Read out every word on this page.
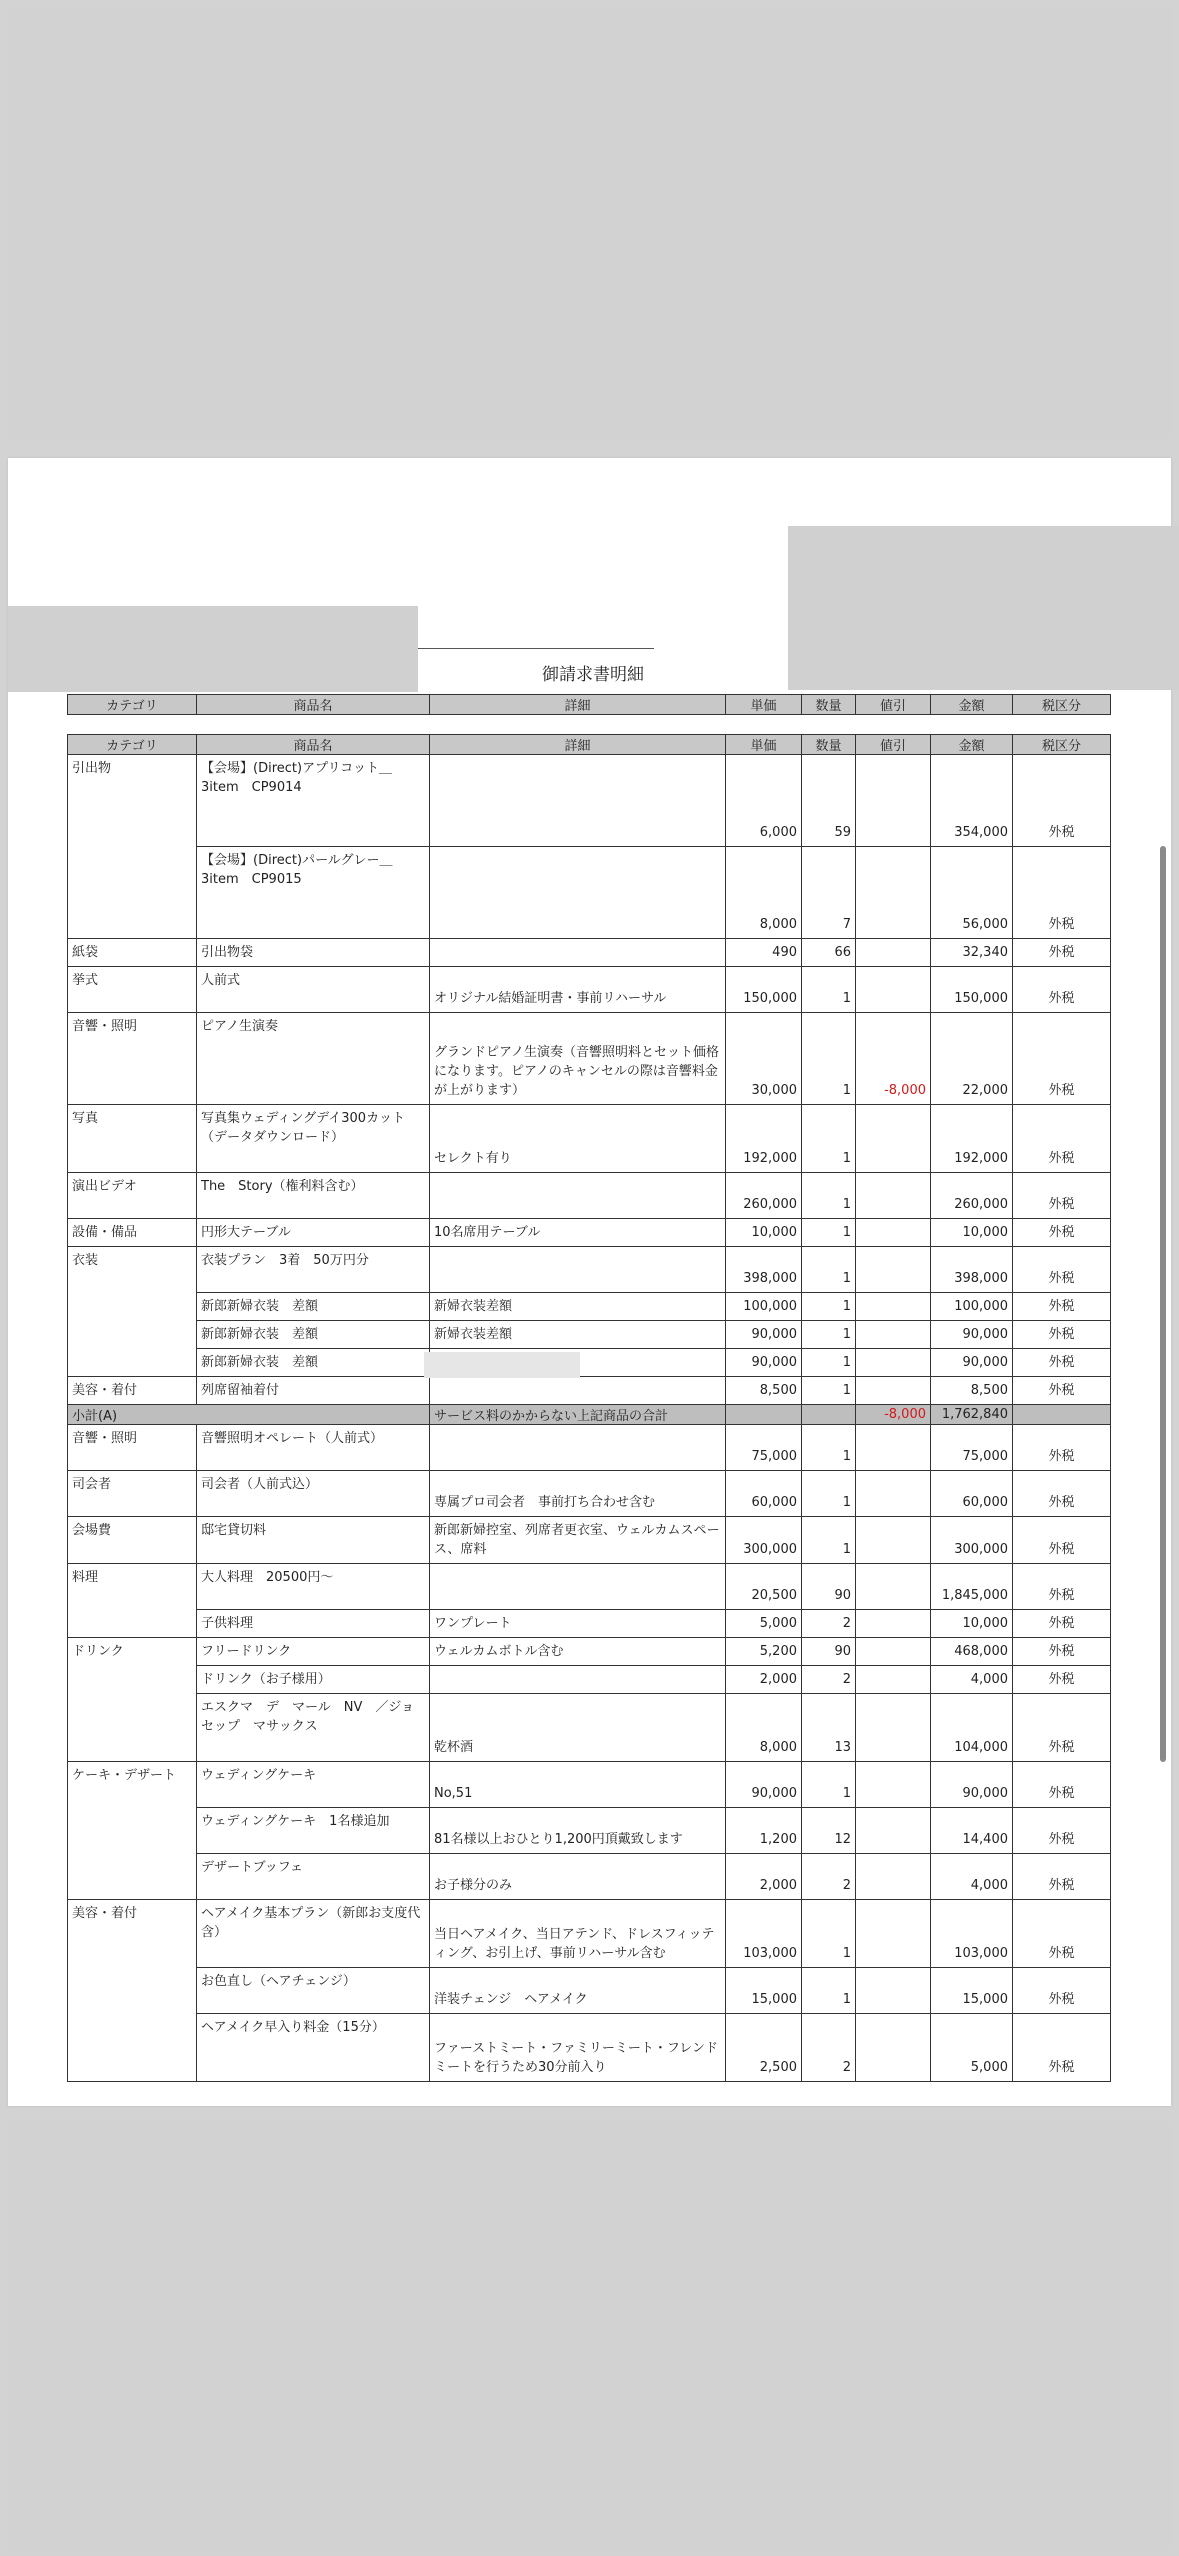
御請求書明細
カテゴリ	商品名	詳細	単価	数量	値引	金額	税区分
カテゴリ	商品名	詳細	単価	数量	値引	金額	税区分
引出物	【会場】(Direct)アプリコット＿3item　CP9014		6,000	59		354,000	外税
	【会場】(Direct)パールグレー＿3item　CP9015		8,000	7		56,000	外税
紙袋	引出物袋		490	66		32,340	外税
挙式	人前式	オリジナル結婚証明書・事前リハーサル	150,000	1		150,000	外税
音響・照明	ピアノ生演奏	グランドピアノ生演奏（音響照明料とセット価格になります。ピアノのキャンセルの際は音響料金が上がります）	30,000	1	-8,000	22,000	外税
写真	写真集ウェディングデイ300カット（データダウンロード）	セレクト有り	192,000	1		192,000	外税
演出ビデオ	The　Story（権利料含む）		260,000	1		260,000	外税
設備・備品	円形大テーブル	10名席用テーブル	10,000	1		10,000	外税
衣装	衣装プラン　3着　50万円分		398,000	1		398,000	外税
	新郎新婦衣装　差額	新婦衣装差額	100,000	1		100,000	外税
	新郎新婦衣装　差額	新婦衣装差額	90,000	1		90,000	外税
	新郎新婦衣装　差額		90,000	1		90,000	外税
美容・着付	列席留袖着付		8,500	1		8,500	外税
小計(A)		サービス料のかからない上記商品の合計			-8,000	1,762,840	
音響・照明	音響照明オペレート（人前式）		75,000	1		75,000	外税
司会者	司会者（人前式込）	専属プロ司会者　事前打ち合わせ含む	60,000	1		60,000	外税
会場費	邸宅貸切料	新郎新婦控室、列席者更衣室、ウェルカムスペース、席料	300,000	1		300,000	外税
料理	大人料理　20500円～		20,500	90		1,845,000	外税
	子供料理	ワンプレート	5,000	2		10,000	外税
ドリンク	フリードリンク	ウェルカムボトル含む	5,200	90		468,000	外税
	ドリンク（お子様用）		2,000	2		4,000	外税
	エスクマ　デ　マール　NV　／ジョセップ　マサックス	乾杯酒	8,000	13		104,000	外税
ケーキ・デザート	ウェディングケーキ	No,51	90,000	1		90,000	外税
	ウェディングケーキ　1名様追加	81名様以上おひとり1,200円頂戴致します	1,200	12		14,400	外税
	デザートブッフェ	お子様分のみ	2,000	2		4,000	外税
美容・着付	ヘアメイク基本プラン（新郎お支度代含）	当日ヘアメイク、当日アテンド、ドレスフィッティング、お引上げ、事前リハーサル含む	103,000	1		103,000	外税
	お色直し（ヘアチェンジ）	洋装チェンジ　ヘアメイク	15,000	1		15,000	外税
	ヘアメイク早入り料金（15分）	ファーストミート・ファミリーミート・フレンドミートを行うため30分前入り	2,500	2		5,000	外税
